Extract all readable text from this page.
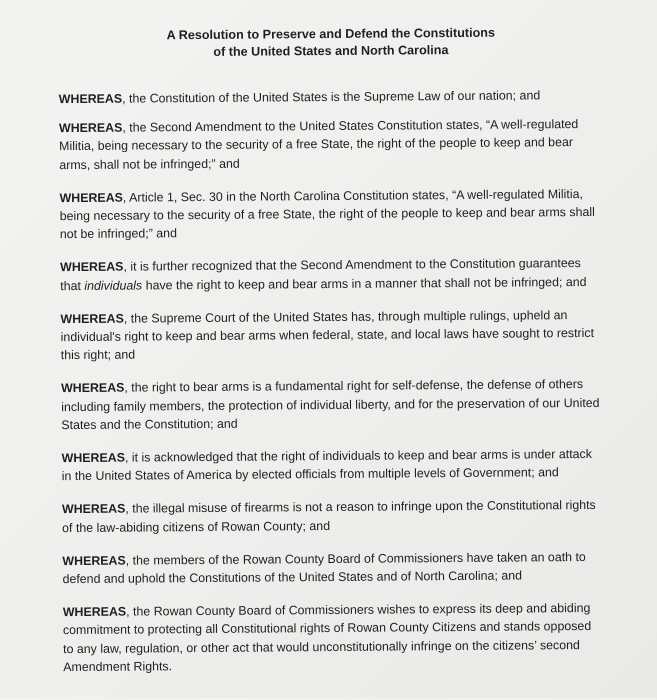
A Resolution to Preserve and Defend the Constitutions
of the United States and North Carolina

WHEREAS, the Constitution of the United States is the Supreme Law of our nation; and

WHEREAS, the Second Amendment to the United States Constitution states, “A well-regulated Militia, being necessary to the security of a free State, the right of the people to keep and bear arms, shall not be infringed;” and

WHEREAS, Article 1, Sec. 30 in the North Carolina Constitution states, “A well-regulated Militia, being necessary to the security of a free State, the right of the people to keep and bear arms shall not be infringed;” and

WHEREAS, it is further recognized that the Second Amendment to the Constitution guarantees that individuals have the right to keep and bear arms in a manner that shall not be infringed; and

WHEREAS, the Supreme Court of the United States has, through multiple rulings, upheld an individual's right to keep and bear arms when federal, state, and local laws have sought to restrict this right; and

WHEREAS, the right to bear arms is a fundamental right for self-defense, the defense of others including family members, the protection of individual liberty, and for the preservation of our United States and the Constitution; and

WHEREAS, it is acknowledged that the right of individuals to keep and bear arms is under attack in the United States of America by elected officials from multiple levels of Government; and

WHEREAS, the illegal misuse of firearms is not a reason to infringe upon the Constitutional rights of the law-abiding citizens of Rowan County; and

WHEREAS, the members of the Rowan County Board of Commissioners have taken an oath to defend and uphold the Constitutions of the United States and of North Carolina; and

WHEREAS, the Rowan County Board of Commissioners wishes to express its deep and abiding commitment to protecting all Constitutional rights of Rowan County Citizens and stands opposed to any law, regulation, or other act that would unconstitutionally infringe on the citizens’ second Amendment Rights.
